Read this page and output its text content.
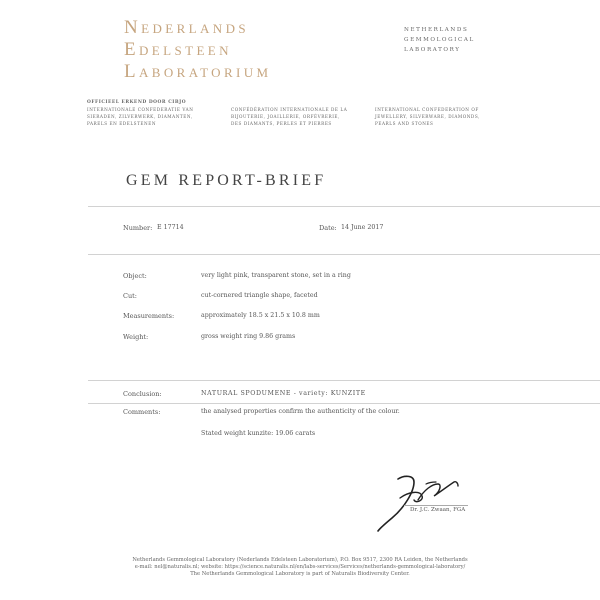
Nederlands
Edelsteen
Laboratorium
NETHERLANDS
GEMMOLOGICAL
LABORATORY
OFFICIEEL ERKEND DOOR CIBJO
INTERNATIONALE CONFEDERATIE VAN
SIERADEN, ZILVERWERK, DIAMANTEN,
PARELS EN EDELSTENEN
CONFÉDÉRATION INTERNATIONALE DE LA
BIJOUTERIE, JOAILLERIE, ORFÈVRERIE,
DES DIAMANTS, PERLES ET PIERRES
INTERNATIONAL CONFEDERATION OF
JEWELLERY, SILVERWARE, DIAMONDS,
PEARLS AND STONES
GEM REPORT-BRIEF
Number: E 17714	Date: 14 June 2017
Object:	very light pink, transparent stone, set in a ring
Cut:	cut-cornered triangle shape, faceted
Measurements:	approximately 18.5 x 21.5 x 10.8 mm
Weight:	gross weight ring 9.86 grams
Conclusion:	NATURAL SPODUMENE - variety: KUNZITE
Comments:	the analysed properties confirm the authenticity of the colour.
Stated weight kunzite: 19.06 carats
Dr. J.C. Zwaan, FGA
Netherlands Gemmological Laboratory (Nederlands Edelsteen Laboratorium), P.O. Box 9517, 2300 RA Leiden, the Netherlands
e-mail: nel@naturalis.nl; website: https://science.naturalis.nl/en/labs-services/Services/netherlands-gemmological-laboratory/
The Netherlands Gemmological Laboratory is part of Naturalis Biodiversity Center.
